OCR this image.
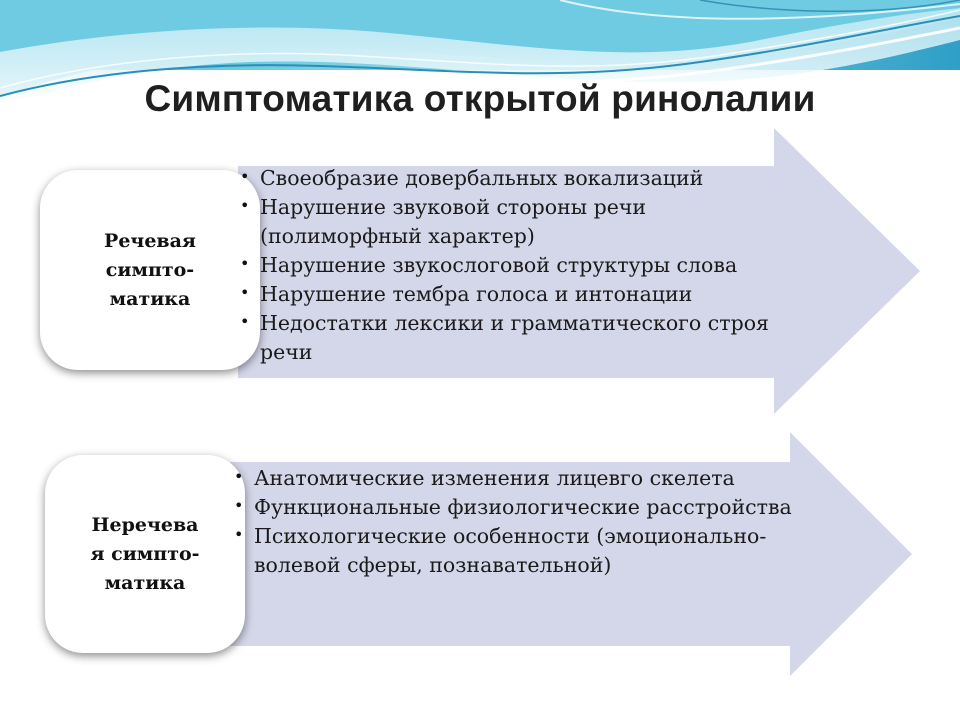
Симптоматика открытой ринолалии
Речевая
симпто-
матика
Неречева
я симпто-
матика
• Своеобразие довербальных вокализаций
• Нарушение звуковой стороны речи (полиморфный характер)
• Нарушение звукослоговой структуры слова
• Нарушение тембра голоса и интонации
• Недостатки лексики и грамматического строя речи
• Анатомические изменения лицевго скелета
• Функциональные физиологические расстройства
• Психологические особенности (эмоционально-волевой сферы, познавательной)
